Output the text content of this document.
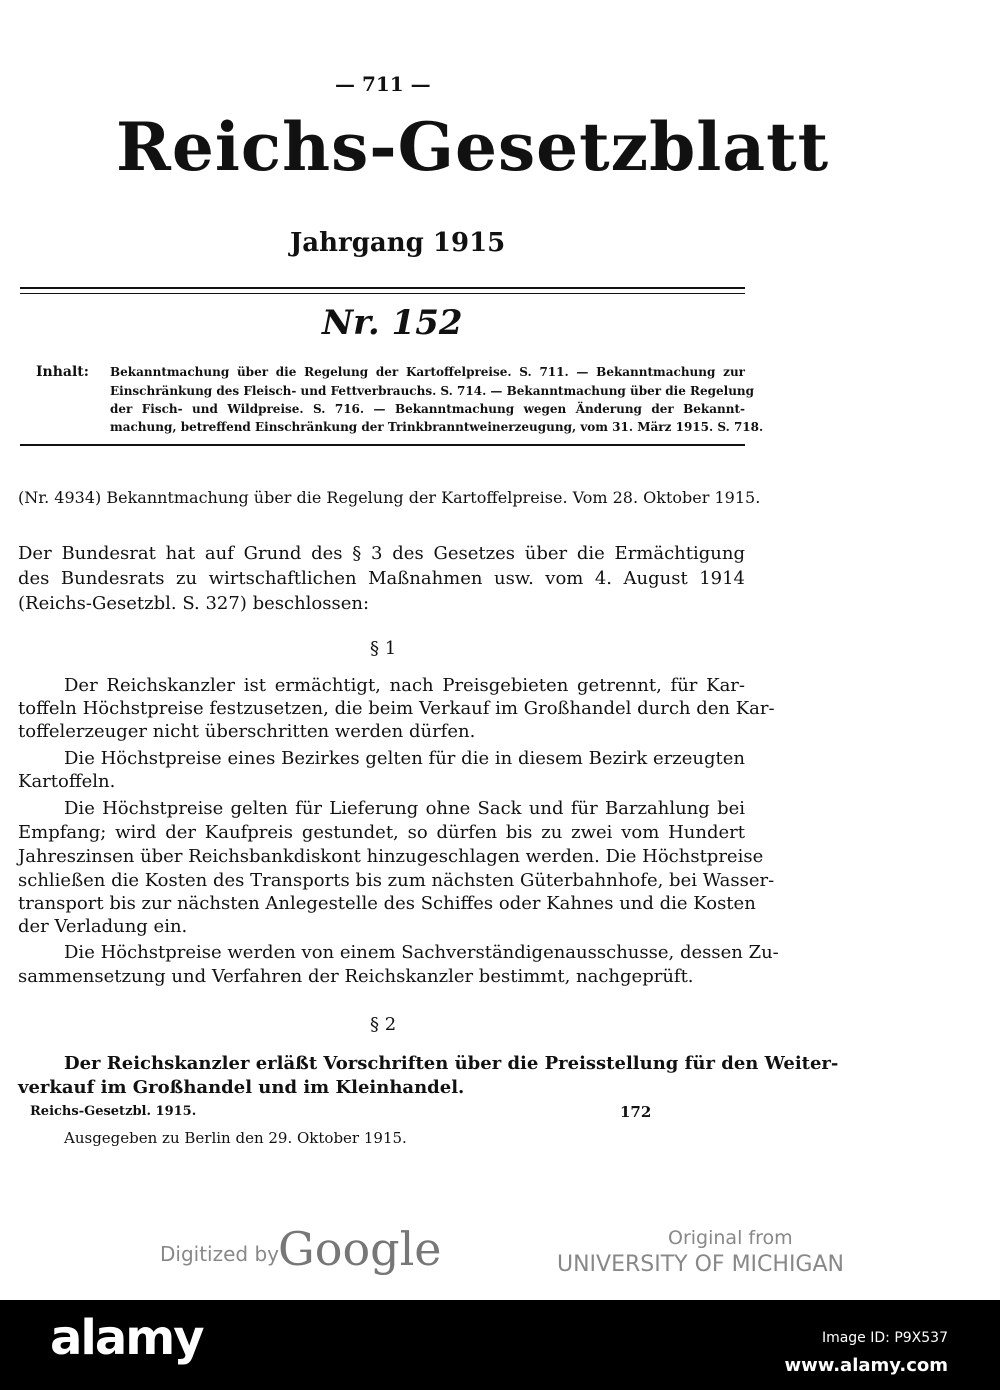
— 711 —
Reichs-Gesetzblatt
Jahrgang 1915
Nr. 152
Inhalt: Bekanntmachung über die Regelung der Kartoffelpreise. S. 711. — Bekanntmachung zur
Einschränkung des Fleisch- und Fettverbrauchs. S. 714. — Bekanntmachung über die Regelung
der Fisch- und Wildpreise. S. 716. — Bekanntmachung wegen Änderung der Bekannt-
machung, betreffend Einschränkung der Trinkbranntweinerzeugung, vom 31. März 1915. S. 718.
(Nr. 4934) Bekanntmachung über die Regelung der Kartoffelpreise. Vom 28. Oktober 1915.
Der Bundesrat hat auf Grund des § 3 des Gesetzes über die Ermächtigung
des Bundesrats zu wirtschaftlichen Maßnahmen usw. vom 4. August 1914
(Reichs-Gesetzbl. S. 327) beschlossen:
§ 1
Der Reichskanzler ist ermächtigt, nach Preisgebieten getrennt, für Kar-
toffeln Höchstpreise festzusetzen, die beim Verkauf im Großhandel durch den Kar-
toffelerzeuger nicht überschritten werden dürfen.
Die Höchstpreise eines Bezirkes gelten für die in diesem Bezirk erzeugten
Kartoffeln.
Die Höchstpreise gelten für Lieferung ohne Sack und für Barzahlung bei
Empfang; wird der Kaufpreis gestundet, so dürfen bis zu zwei vom Hundert
Jahreszinsen über Reichsbankdiskont hinzugeschlagen werden. Die Höchstpreise
schließen die Kosten des Transports bis zum nächsten Güterbahnhofe, bei Wasser-
transport bis zur nächsten Anlegestelle des Schiffes oder Kahnes und die Kosten
der Verladung ein.
Die Höchstpreise werden von einem Sachverständigenausschusse, dessen Zu-
sammensetzung und Verfahren der Reichskanzler bestimmt, nachgeprüft.
§ 2
Der Reichskanzler erläßt Vorschriften über die Preisstellung für den Weiter-
verkauf im Großhandel und im Kleinhandel.
Reichs-Gesetzbl. 1915.	172
Ausgegeben zu Berlin den 29. Oktober 1915.
Digitized by Google	Original from
UNIVERSITY OF MICHIGAN
alamy	Image ID: P9X537
www.alamy.com
